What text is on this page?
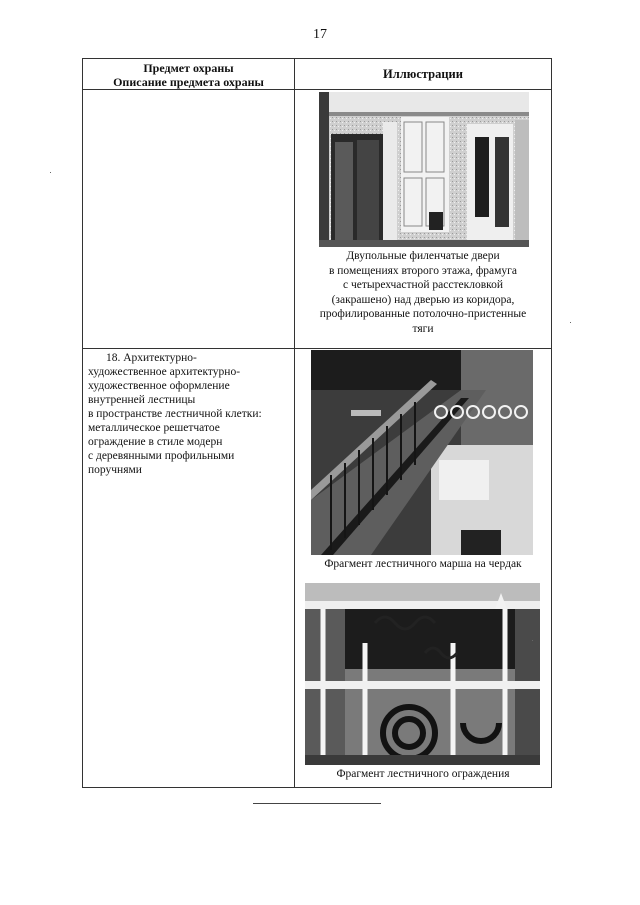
17
Предмет охраны
Описание предмета охраны
Иллюстрации
Двупольные филенчатые двери
в помещениях второго этажа, фрамуга
с четырехчастной расстекловкой
(закрашено) над дверью из коридора,
профилированные потолочно-пристенные
тяги
18. Архитектурно-
художественное архитектурно-
художественное оформление
внутренней лестницы
в пространстве лестничной клетки:
металлическое решетчатое
ограждение в стиле модерн
с деревянными профильными
поручнями
Фрагмент лестничного марша на чердак
Фрагмент лестничного ограждения
